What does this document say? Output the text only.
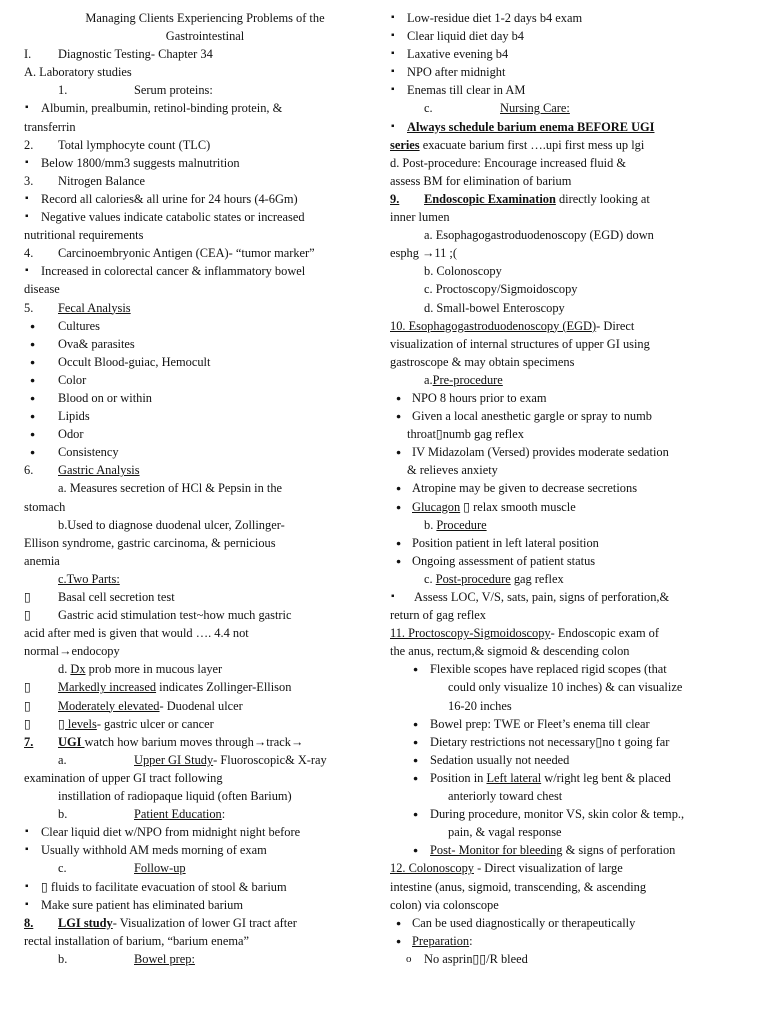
Managing Clients Experiencing Problems of the
Gastrointestinal
I. Diagnostic Testing- Chapter 34
A. Laboratory studies
1.	Serum proteins:
▪ Albumin, prealbumin, retinol-binding protein, &
transferrin
2. Total lymphocyte count (TLC)
▪ Below 1800/mm3 suggests malnutrition
3. Nitrogen Balance
▪ Record all calories& all urine for 24 hours (4-6Gm)
▪ Negative values indicate catabolic states or increased
nutritional requirements
4. Carcinoembryonic Antigen (CEA)- “tumor marker”
▪ Increased in colorectal cancer & inflammatory bowel
disease
5. Fecal Analysis
● Cultures
● Ova& parasites
● Occult Blood-guiac, Hemocult
● Color
● Blood on or within
● Lipids
● Odor
● Consistency
6. Gastric Analysis
a. Measures secretion of HCl & Pepsin in the
stomach
b.Used to diagnose duodenal ulcer, Zollinger-
Ellison syndrome, gastric carcinoma, & pernicious
anemia
c.Two Parts:
▯ Basal cell secretion test
▯ Gastric acid stimulation test~how much gastric
acid after med is given that would …. 4.4 not
normal→endocopy
d. Dx prob more in mucous layer
▯ Markedly increased indicates Zollinger-Ellison
▯ Moderately elevated- Duodenal ulcer
▯ ▯ levels- gastric ulcer or cancer
7. UGI watch how barium moves through→track→
a.	Upper GI Study- Fluoroscopic& X-ray
examination of upper GI tract following
instillation of radiopaque liquid (often Barium)
b.	Patient Education:
▪ Clear liquid diet w/NPO from midnight night before
▪ Usually withhold AM meds morning of exam
c.	Follow-up
▪ ▯ fluids to facilitate evacuation of stool & barium
▪ Make sure patient has eliminated barium
8. LGI study- Visualization of lower GI tract after
rectal installation of barium, “barium enema”
b.	Bowel prep:
▪ Low-residue diet 1-2 days b4 exam
▪ Clear liquid diet day b4
▪ Laxative evening b4
▪ NPO after midnight
▪ Enemas till clear in AM
c.	Nursing Care:
▪ Always schedule barium enema BEFORE UGI
series exacuate barium first ….upi first mess up lgi
d. Post-procedure: Encourage increased fluid &
assess BM for elimination of barium
9. Endoscopic Examination directly looking at
inner lumen
a. Esophagogastroduodenoscopy (EGD) down
esphg →11 ;(
b. Colonoscopy
c. Proctoscopy/Sigmoidoscopy
d. Small-bowel Enteroscopy
10. Esophagogastroduodenoscopy (EGD)- Direct
visualization of internal structures of upper GI using
gastroscope & may obtain specimens
a.Pre-procedure
● NPO 8 hours prior to exam
● Given a local anesthetic gargle or spray to numb
throat▯numb gag reflex
● IV Midazolam (Versed) provides moderate sedation
& relieves anxiety
● Atropine may be given to decrease secretions
● Glucagon ▯ relax smooth muscle
b. Procedure
● Position patient in left lateral position
● Ongoing assessment of patient status
c. Post-procedure gag reflex
▪ Assess LOC, V/S, sats, pain, signs of perforation,&
return of gag reflex
11. Proctoscopy-Sigmoidoscopy- Endoscopic exam of
the anus, rectum,& sigmoid & descending colon
● Flexible scopes have replaced rigid scopes (that
could only visualize 10 inches) & can visualize
16-20 inches
● Bowel prep: TWE or Fleet’s enema till clear
● Dietary restrictions not necessary▯no t going far
● Sedation usually not needed
● Position in Left lateral w/right leg bent & placed
anteriorly toward chest
● During procedure, monitor VS, skin color & temp.,
pain, & vagal response
● Post- Monitor for bleeding & signs of perforation
12. Colonoscopy - Direct visualization of large
intestine (anus, sigmoid, transcending, & ascending
colon) via colonscope
● Can be used diagnostically or therapeutically
● Preparation:
o No asprin▯▯/R bleed
